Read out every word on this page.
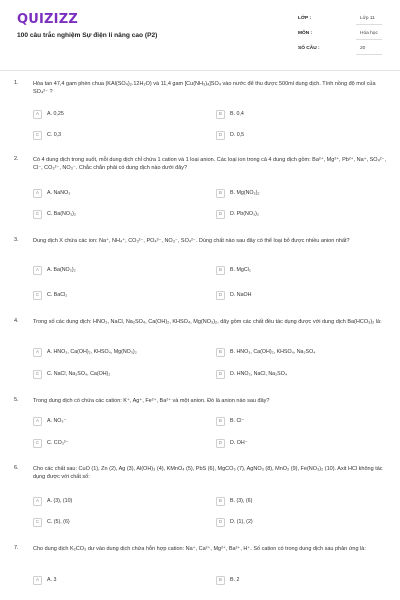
QUIZIZZ
100 câu trắc nghiệm Sự điện li nâng cao (P2)
LỚP :	Lớp 11
MÔN :	Hóa học
SỐ CÂU :	20
1.	Hòa tan 47,4 gam phèn chua (KAl(SO₄)₂.12H₂O) và 11,4 gam [Cu(NH₃)₄]SO₄ vào nước để thu được 500ml dung dịch. Tính nồng độ mol của SO₄²⁻ ?
2.	Có 4 dung dịch trong suốt, mỗi dung dịch chỉ chứa 1 cation và 1 loại anion. Các loại ion trong cả 4 dung dịch gồm: Ba²⁺, Mg²⁺, Pb²⁺, Na⁺, SO₄²⁻, Cl⁻, CO₃²⁻, NO₃⁻. Chắc chắn phải có dung dịch nào dưới đây?
3.	Dung dịch X chứa các ion: Na⁺, NH₄⁺, CO₃²⁻, PO₄³⁻, NO₃⁻, SO₄²⁻. Dùng chất nào sau đây có thể loại bỏ được nhiều anion nhất?
4.	Trong số các dung dịch: HNO₃, NaCl, Na₂SO₄, Ca(OH)₂, KHSO₄, Mg(NO₃)₂, dãy gồm các chất đều tác dụng được với dung dịch Ba(HCO₃)₂ là:
5.	Trong dung dịch có chứa các cation: K⁺, Ag⁺, Fe²⁺, Ba²⁺ và một anion. Đó là anion nào sau đây?
6.	Cho các chất sau: CuO (1), Zn (2), Ag (3), Al(OH)₃ (4), KMnO₄ (5), PbS (6), MgCO₃ (7), AgNO₃ (8), MnO₂ (9), Fe(NO₃)₂ (10). Axit HCl không tác dụng được với chất số:
7.	Cho dung dịch K₂CO₃ dư vào dung dịch chứa hỗn hợp cation: Na⁺, Ca²⁺, Mg²⁺, Ba²⁺, H⁺. Số cation có trong dung dịch sau phản ứng là:
A	A. 0,25	B	B. 0,4
C	C. 0,3	D	D. 0,5
A	A. NaNO₃	B	B. Mg(NO₃)₂
C	C. Ba(NO₃)₂	D	D. Pb(NO₃)₂
A	A. Ba(NO₃)₂	B	B. MgCl₂
C	C. BaCl₂	D	D. NaOH
A	A. HNO₃, Ca(OH)₂, KHSO₄, Mg(NO₃)₂	B	B. HNO₃, Ca(OH)₂, KHSO₄, Na₂SO₄
C	C. NaCl, Na₂SO₄, Ca(OH)₂	D	D. HNO₃, NaCl, Na₂SO₄
A	A. NO₃⁻	B	B. Cl⁻
C	C. CO₃²⁻	D	D. OH⁻
A	A. (3), (10)	B	B. (3), (6)
C	C. (5), (6)	D	D. (1), (2)
A	A. 3	B	B. 2
